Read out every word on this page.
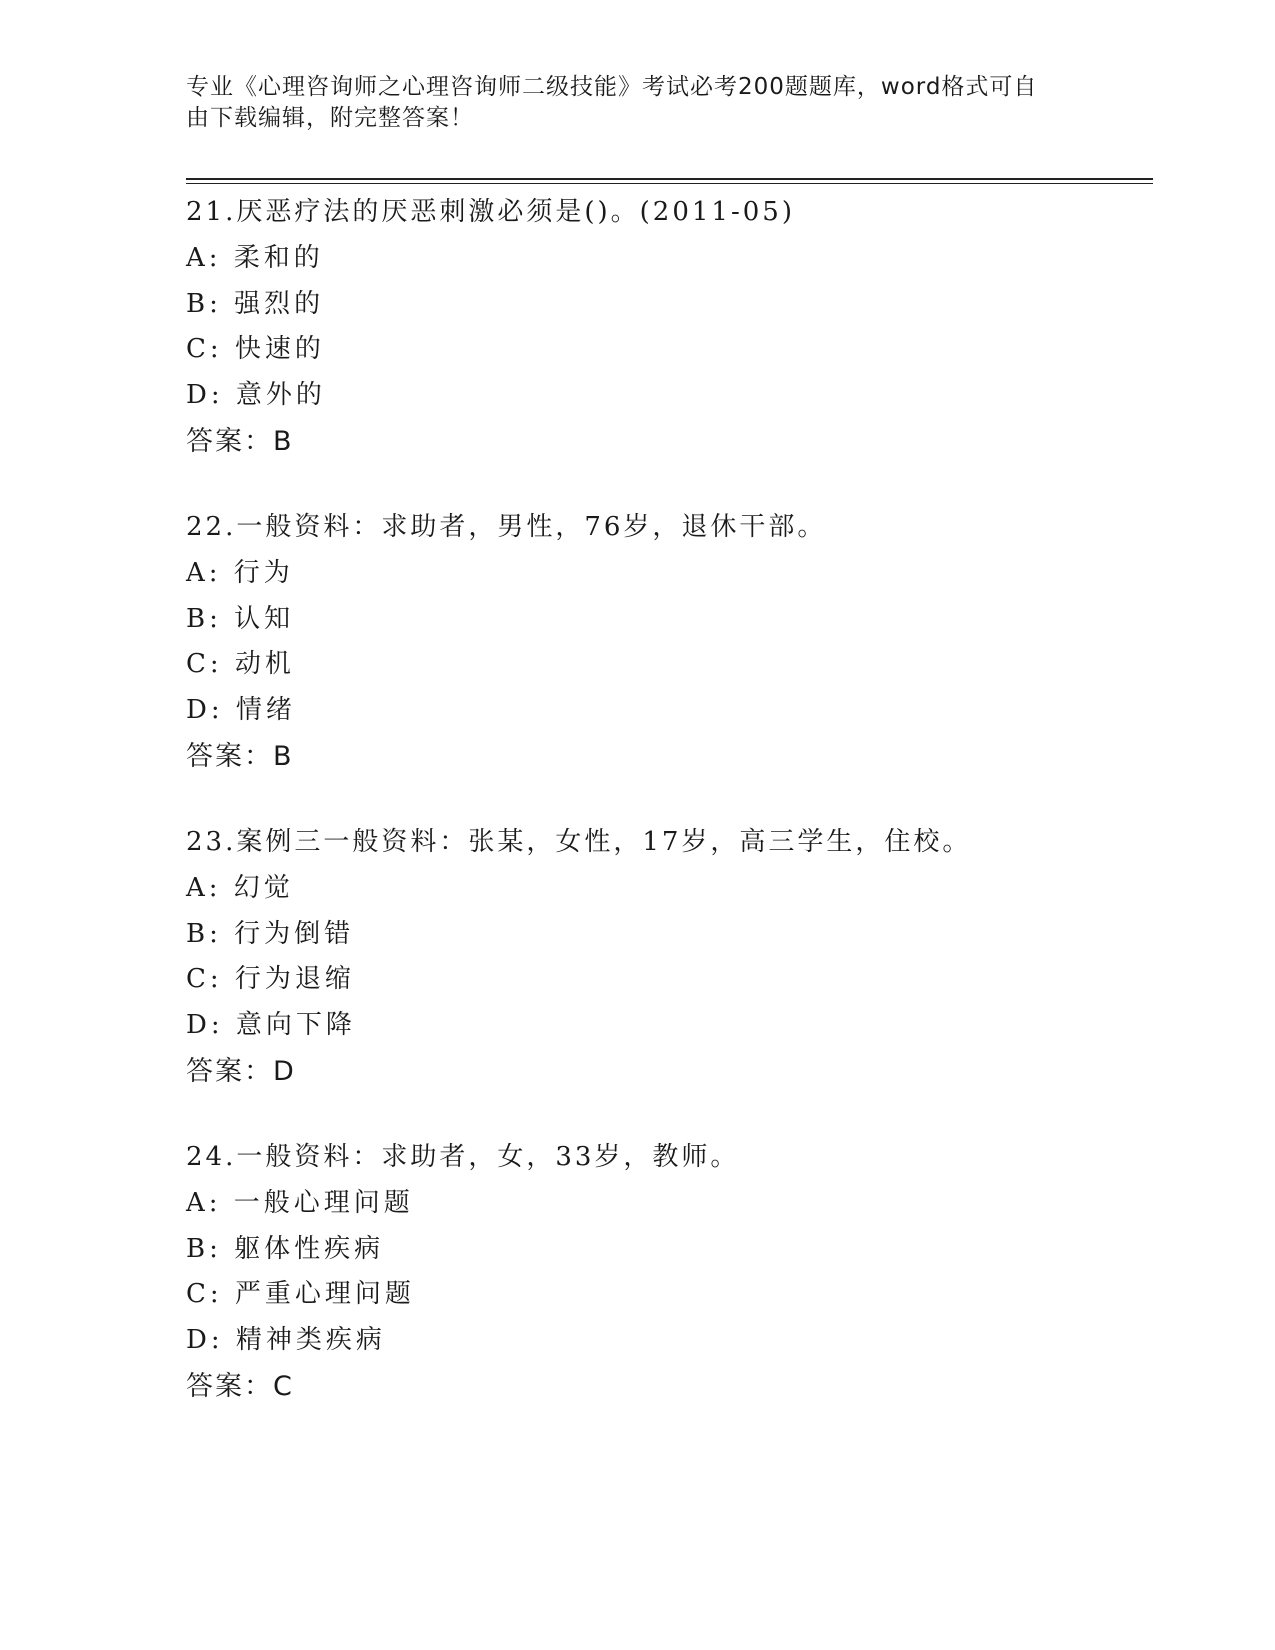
专业《心理咨询师之心理咨询师二级技能》考试必考200题题库，word格式可自
由下载编辑，附完整答案！
21.厌恶疗法的厌恶刺激必须是()。(2011-05)
A: 柔和的
B: 强烈的
C: 快速的
D: 意外的
答案：B
22.一般资料：求助者，男性，76岁，退休干部。
A: 行为
B: 认知
C: 动机
D: 情绪
答案：B
23.案例三一般资料：张某，女性，17岁，高三学生，住校。
A: 幻觉
B: 行为倒错
C: 行为退缩
D: 意向下降
答案：D
24.一般资料：求助者，女，33岁，教师。
A: 一般心理问题
B: 躯体性疾病
C: 严重心理问题
D: 精神类疾病
答案：C
